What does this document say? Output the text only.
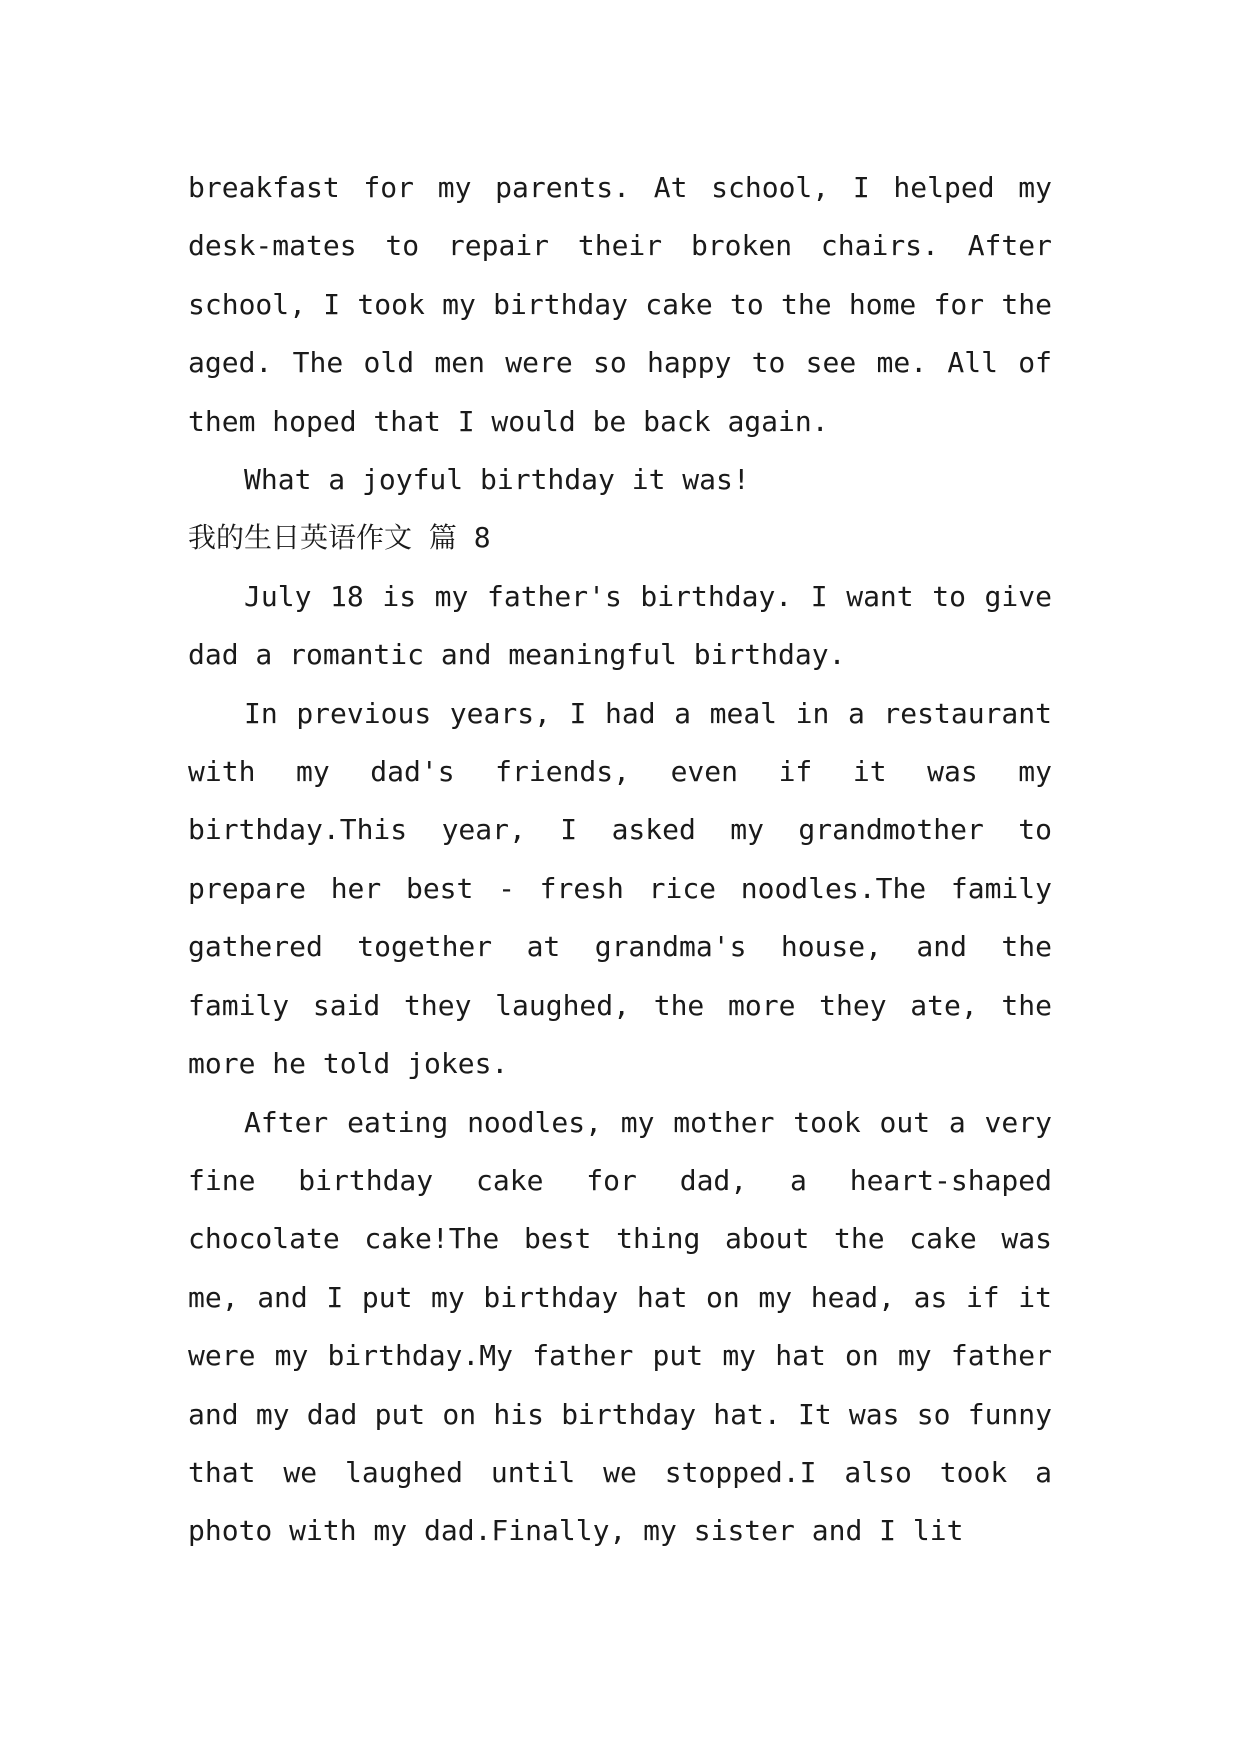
breakfast for my parents. At school, I helped my desk-mates to repair their broken chairs. After school, I took my birthday cake to the home for the aged. The old men were so happy to see me. All of them hoped that I would be back again.

What a joyful birthday it was!

我的生日英语作文 篇 8

July 18 is my father's birthday. I want to give dad a romantic and meaningful birthday.

In previous years, I had a meal in a restaurant with my dad's friends, even if it was my birthday.This year, I asked my grandmother to prepare her best - fresh rice noodles.The family gathered together at grandma's house, and the family said they laughed, the more they ate, the more he told jokes.

After eating noodles, my mother took out a very fine birthday cake for dad, a heart-shaped chocolate cake!The best thing about the cake was me, and I put my birthday hat on my head, as if it were my birthday.My father put my hat on my father and my dad put on his birthday hat. It was so funny that we laughed until we stopped.I also took a photo with my dad.Finally, my sister and I lit
